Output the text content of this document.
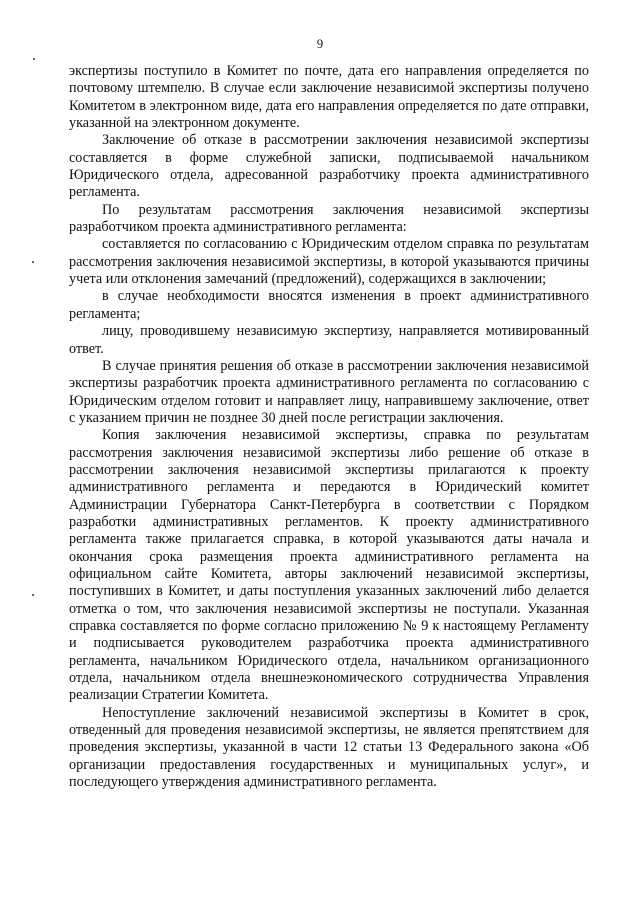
9

экспертизы поступило в Комитет по почте, дата его направления определяется по почтовому штемпелю. В случае если заключение независимой экспертизы получено Комитетом в электронном виде, дата его направления определяется по дате отправки, указанной на электронном документе.

Заключение об отказе в рассмотрении заключения независимой экспертизы составляется в форме служебной записки, подписываемой начальником Юридического отдела, адресованной разработчику проекта административного регламента.

По результатам рассмотрения заключения независимой экспертизы разработчиком проекта административного регламента:

составляется по согласованию с Юридическим отделом справка по результатам рассмотрения заключения независимой экспертизы, в которой указываются причины учета или отклонения замечаний (предложений), содержащихся в заключении;

в случае необходимости вносятся изменения в проект административного регламента;

лицу, проводившему независимую экспертизу, направляется мотивированный ответ.

В случае принятия решения об отказе в рассмотрении заключения независимой экспертизы разработчик проекта административного регламента по согласованию с Юридическим отделом готовит и направляет лицу, направившему заключение, ответ с указанием причин не позднее 30 дней после регистрации заключения.

Копия заключения независимой экспертизы, справка по результатам рассмотрения заключения независимой экспертизы либо решение об отказе в рассмотрении заключения независимой экспертизы прилагаются к проекту административного регламента и передаются в Юридический комитет Администрации Губернатора Санкт-Петербурга в соответствии с Порядком разработки административных регламентов. К проекту административного регламента также прилагается справка, в которой указываются даты начала и окончания срока размещения проекта административного регламента на официальном сайте Комитета, авторы заключений независимой экспертизы, поступивших в Комитет, и даты поступления указанных заключений либо делается отметка о том, что заключения независимой экспертизы не поступали. Указанная справка составляется по форме согласно приложению № 9 к настоящему Регламенту и подписывается руководителем разработчика проекта административного регламента, начальником Юридического отдела, начальником организационного отдела, начальником отдела внешнеэкономического сотрудничества Управления реализации Стратегии Комитета.

Непоступление заключений независимой экспертизы в Комитет в срок, отведенный для проведения независимой экспертизы, не является препятствием для проведения экспертизы, указанной в части 12 статьи 13 Федерального закона «Об организации предоставления государственных и муниципальных услуг», и последующего утверждения административного регламента.
